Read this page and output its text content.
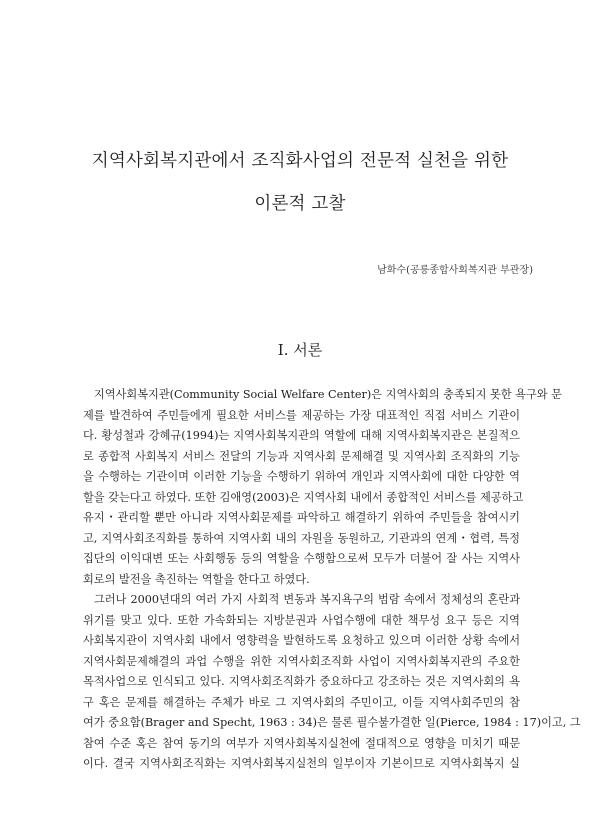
지역사회복지관에서 조직화사업의 전문적 실천을 위한
이론적 고찰
남화수(공릉종합사회복지관 부관장)
Ⅰ. 서론
지역사회복지관(Community Social Welfare Center)은 지역사회의 충족되지 못한 욕구와 문
제를 발견하여 주민들에게 필요한 서비스를 제공하는 가장 대표적인 직접 서비스 기관이
다. 황성철과 강혜규(1994)는 지역사회복지관의 역할에 대해 지역사회복지관은 본질적으
로 종합적 사회복지 서비스 전달의 기능과 지역사회 문제해결 및 지역사회 조직화의 기능
을 수행하는 기관이며 이러한 기능을 수행하기 위하여 개인과 지역사회에 대한 다양한 역
할을 갖는다고 하였다. 또한 김애영(2003)은 지역사회 내에서 종합적인 서비스를 제공하고
유지・관리할 뿐만 아니라 지역사회문제를 파악하고 해결하기 위하여 주민들을 참여시키
고, 지역사회조직화를 통하여 지역사회 내의 자원을 동원하고, 기관과의 연계・협력, 특정
집단의 이익대변 또는 사회행동 등의 역할을 수행함으로써 모두가 더불어 잘 사는 지역사
회로의 발전을 촉진하는 역할을 한다고 하였다.
그러나 2000년대의 여러 가지 사회적 변동과 복지욕구의 범람 속에서 정체성의 혼란과
위기를 맞고 있다. 또한 가속화되는 지방분권과 사업수행에 대한 책무성 요구 등은 지역
사회복지관이 지역사회 내에서 영향력을 발현하도록 요청하고 있으며 이러한 상황 속에서
지역사회문제해결의 과업 수행을 위한 지역사회조직화 사업이 지역사회복지관의 주요한
목적사업으로 인식되고 있다. 지역사회조직화가 중요하다고 강조하는 것은 지역사회의 욕
구 혹은 문제를 해결하는 주체가 바로 그 지역사회의 주민이고, 이들 지역사회주민의 참
여가 중요함(Brager and Specht, 1963 : 34)은 물론 필수불가결한 일(Pierce, 1984 : 17)이고, 그
참여 수준 혹은 참여 동기의 여부가 지역사회복지실천에 절대적으로 영향을 미치기 때문
이다. 결국 지역사회조직화는 지역사회복지실천의 일부이자 기본이므로 지역사회복지 실
